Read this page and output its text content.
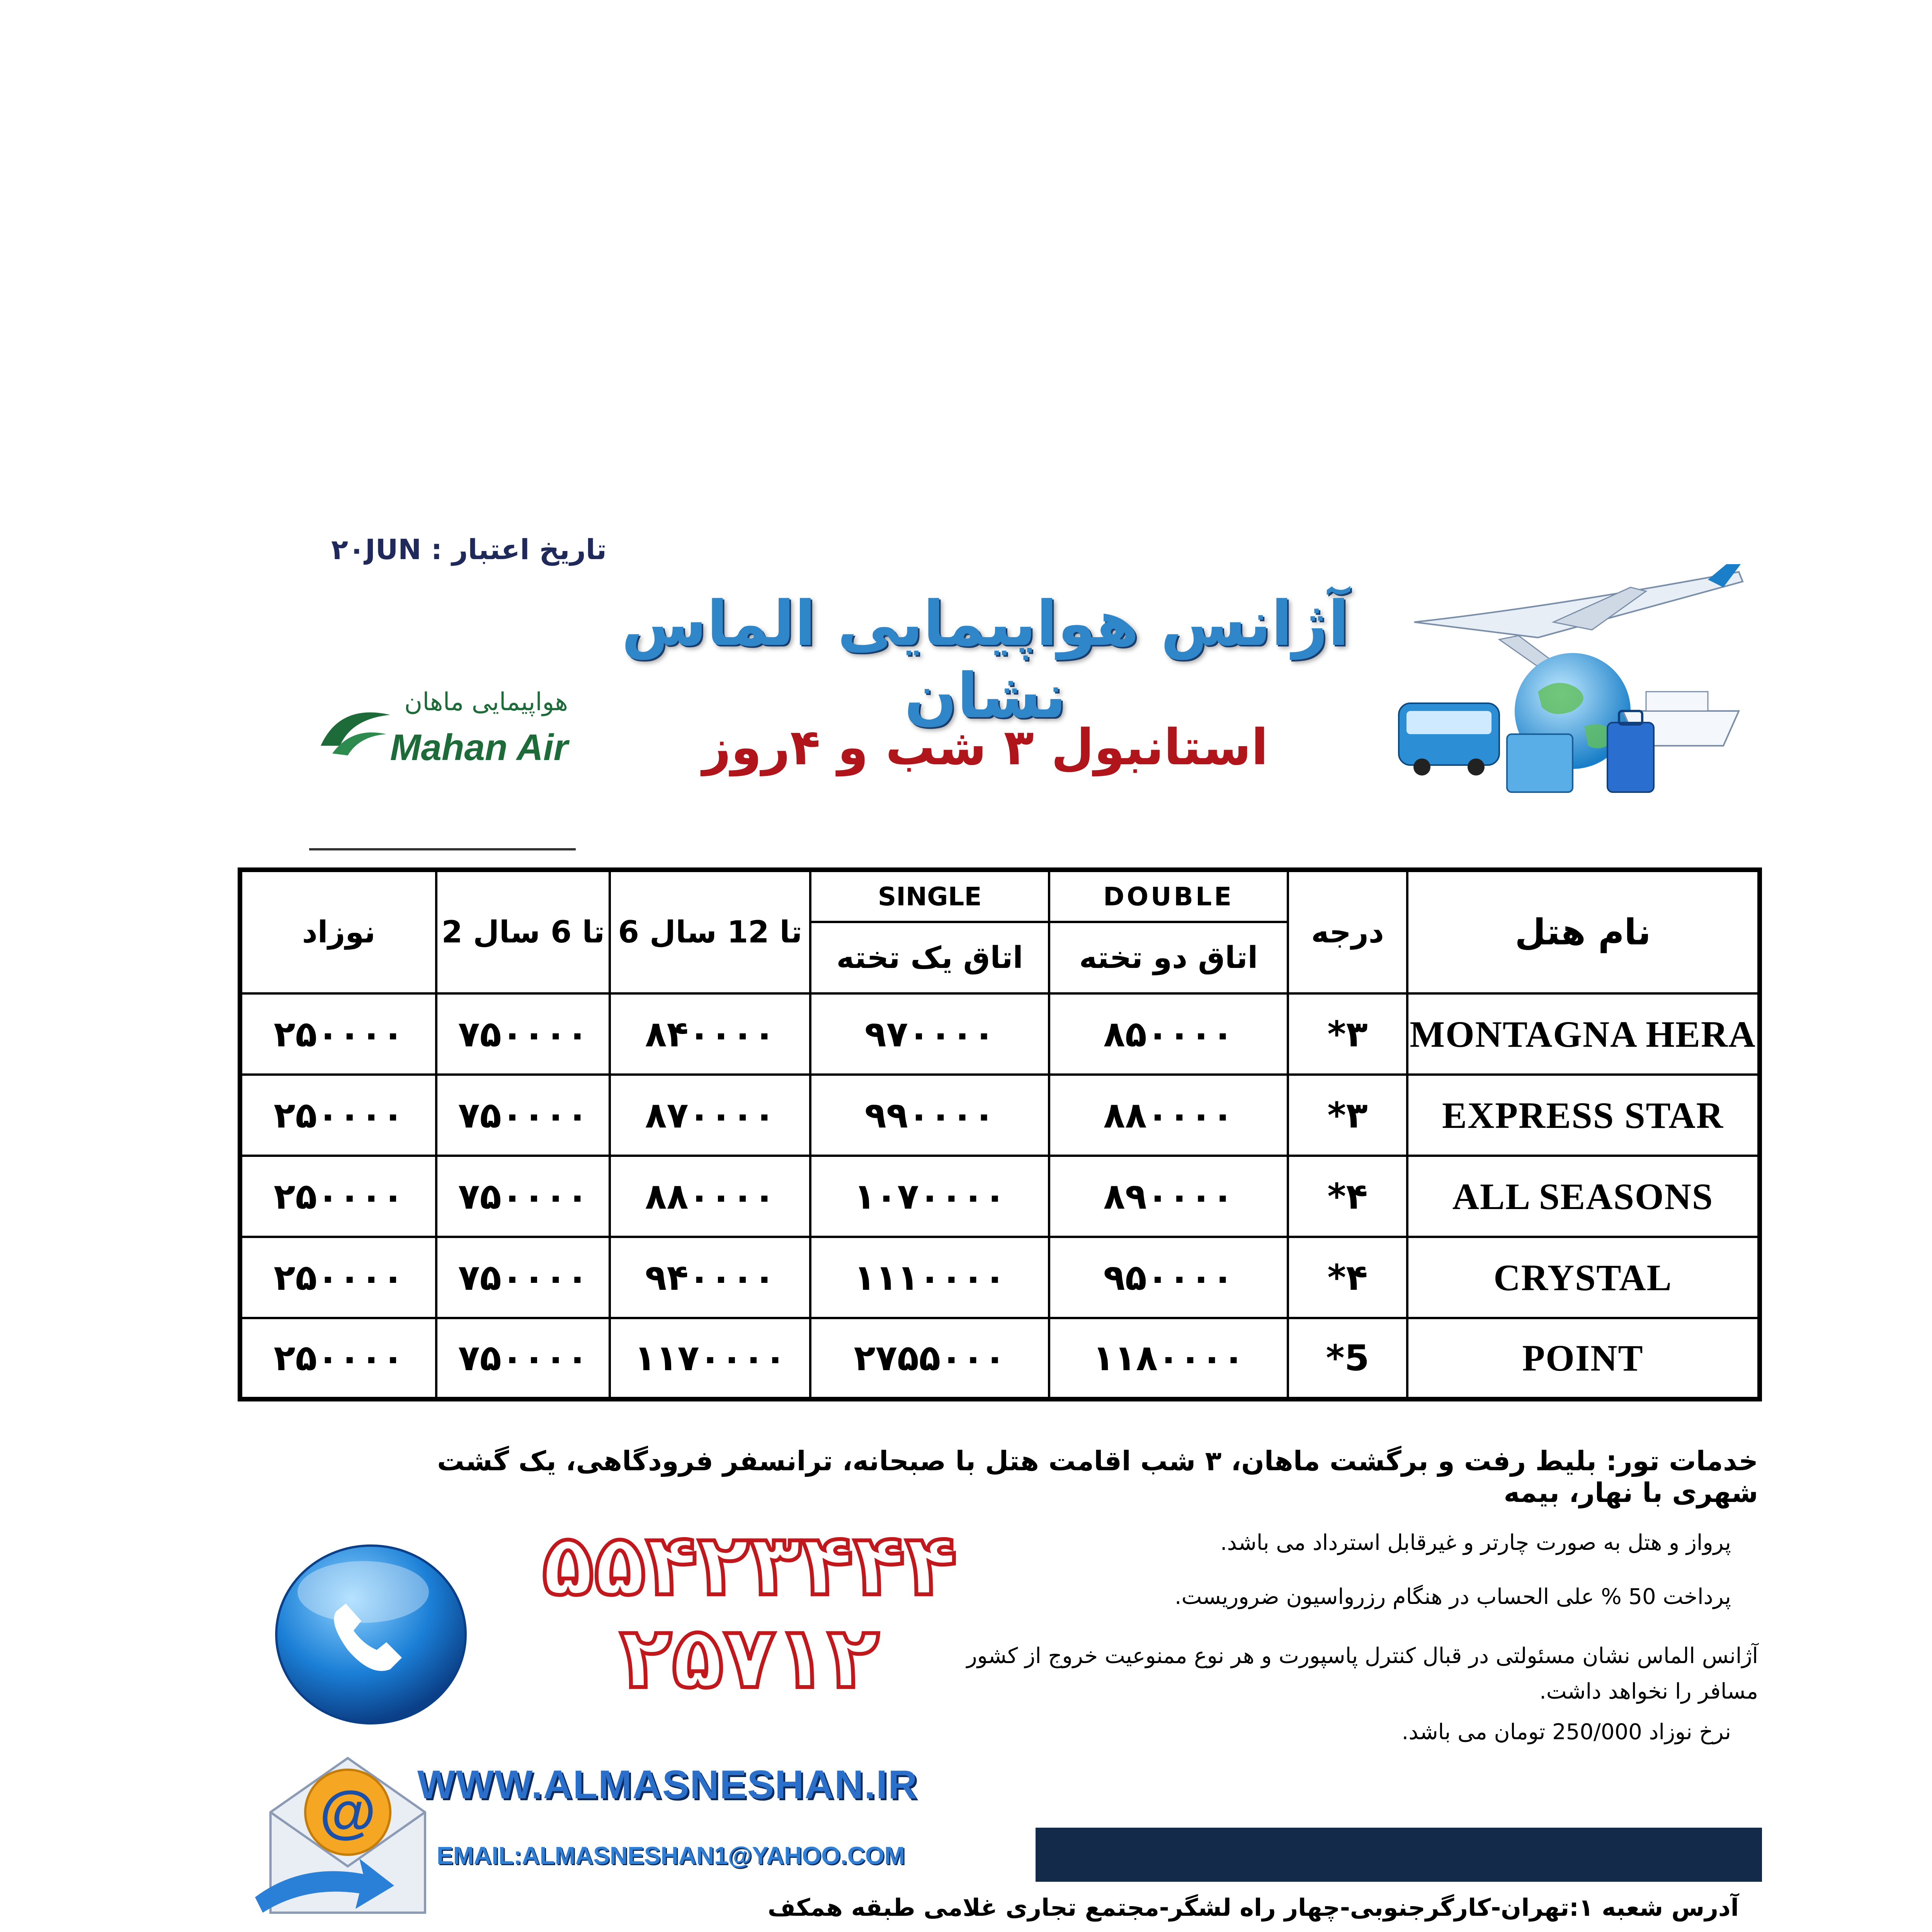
تاریخ اعتبار : ۲۰JUN
آژانس هواپیمایی الماس نشان
استانبول ۳ شب و ۴روز
هواپیمایی ماهان
Mahan Air
نوزاد	2 تا 6 سال	6 تا 12 سال	SINGLE	DOUBLE	درجه	نام هتل
			اتاق یک تخته	اتاق دو تخته		
۲۵۰۰۰۰	۷۵۰۰۰۰	۸۴۰۰۰۰	۹۷۰۰۰۰	۸۵۰۰۰۰	۳*	MONTAGNA HERA
۲۵۰۰۰۰	۷۵۰۰۰۰	۸۷۰۰۰۰	۹۹۰۰۰۰	۸۸۰۰۰۰	۳*	EXPRESS STAR
۲۵۰۰۰۰	۷۵۰۰۰۰	۸۸۰۰۰۰	۱۰۷۰۰۰۰	۸۹۰۰۰۰	۴*	ALL SEASONS
۲۵۰۰۰۰	۷۵۰۰۰۰	۹۴۰۰۰۰	۱۱۱۰۰۰۰	۹۵۰۰۰۰	۴*	CRYSTAL
۲۵۰۰۰۰	۷۵۰۰۰۰	۱۱۷۰۰۰۰	۲۷۵۵۰۰۰	۱۱۸۰۰۰۰	5*	POINT
خدمات تور: بلیط رفت و برگشت ماهان، ۳ شب اقامت هتل با صبحانه، ترانسفر فرودگاهی، یک گشت شهری با نهار، بیمه
پرواز و هتل به صورت چارتر و غیرقابل استرداد می باشد.
پرداخت 50 % علی الحساب در هنگام رزرواسیون ضروریست.
آژانس الماس نشان مسئولتی در قبال کنترل پاسپورت و هر نوع ممنوعیت خروج از کشور مسافر را نخواهد داشت.
نرخ نوزاد 250/000 تومان می باشد.
۵۵۴۲۳۴۴۴
۲۵۷۱۲
@ WWW.ALMASNESHAN.IR
EMAIL:ALMASNESHAN1@YAHOO.COM
آدرس شعبه ۱:تهران-کارگرجنوبی-چهار راه لشگر-مجتمع تجاری غلامی طبقه همکف
